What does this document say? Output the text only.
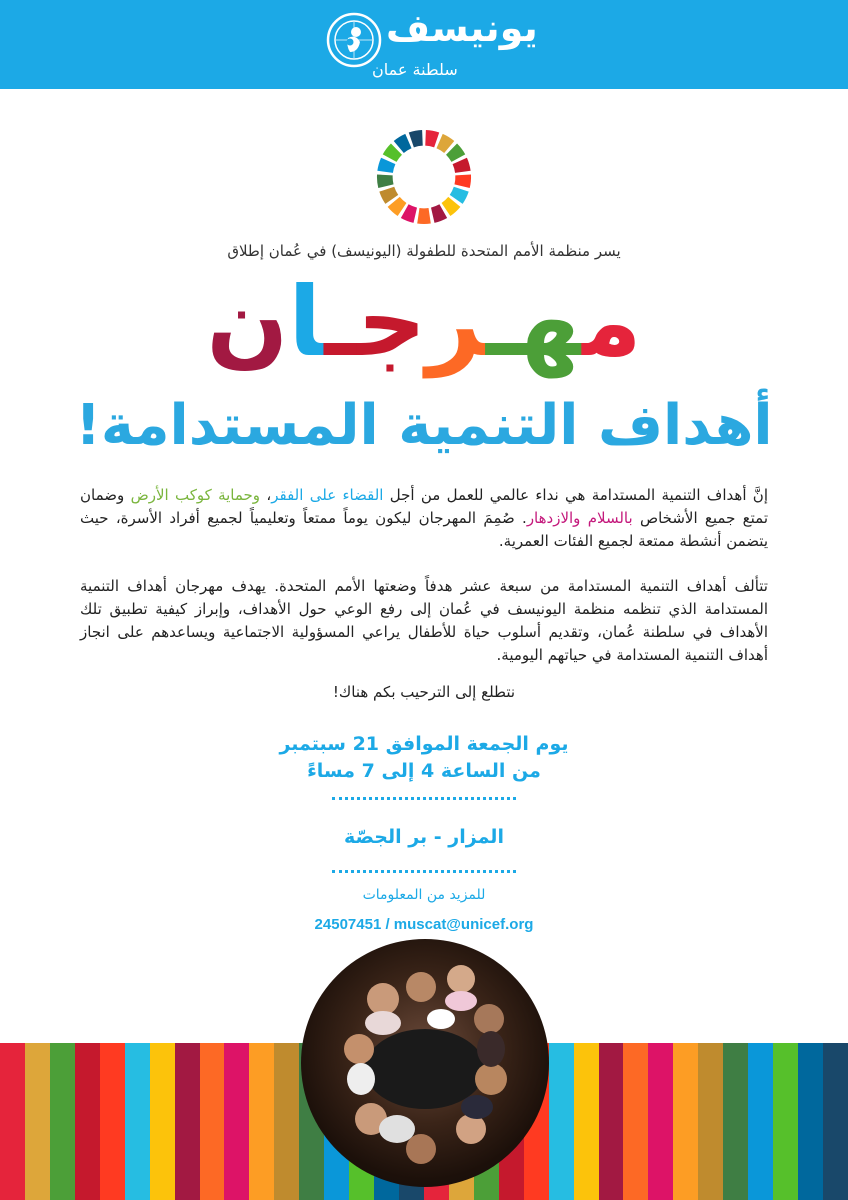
يونيسف
سلطنة عمان
يسر منظمة الأمم المتحدة للطفولة (اليونيسف) في عُمان إطلاق
مهـرجـان
أهداف التنمية المستدامة!
إنَّ أهداف التنمية المستدامة هي نداء عالمي للعمل من أجل القضاء على الفقر، وحماية كوكب الأرض وضمان تمتع جميع الأشخاص بالسلام والازدهار. صُمِمَ المهرجان ليكون يوماً ممتعاً وتعليمياً لجميع أفراد الأسرة، حيث يتضمن أنشطة ممتعة لجميع الفئات العمرية.
تتألف أهداف التنمية المستدامة من سبعة عشر هدفاً وضعتها الأمم المتحدة. يهدف مهرجان أهداف التنمية المستدامة الذي تنظمه منظمة اليونيسف في عُمان إلى رفع الوعي حول الأهداف، وإبراز كيفية تطبيق تلك الأهداف في سلطنة عُمان، وتقديم أسلوب حياة للأطفال يراعي المسؤولية الاجتماعية ويساعدهم على انجاز أهداف التنمية المستدامة في حياتهم اليومية.
نتطلع إلى الترحيب بكم هناك!
يوم الجمعة الموافق 21 سبتمبر
من الساعة 4 إلى 7 مساءً
المزار - بر الجصّة
للمزيد من المعلومات
24507451 / muscat@unicef.org
